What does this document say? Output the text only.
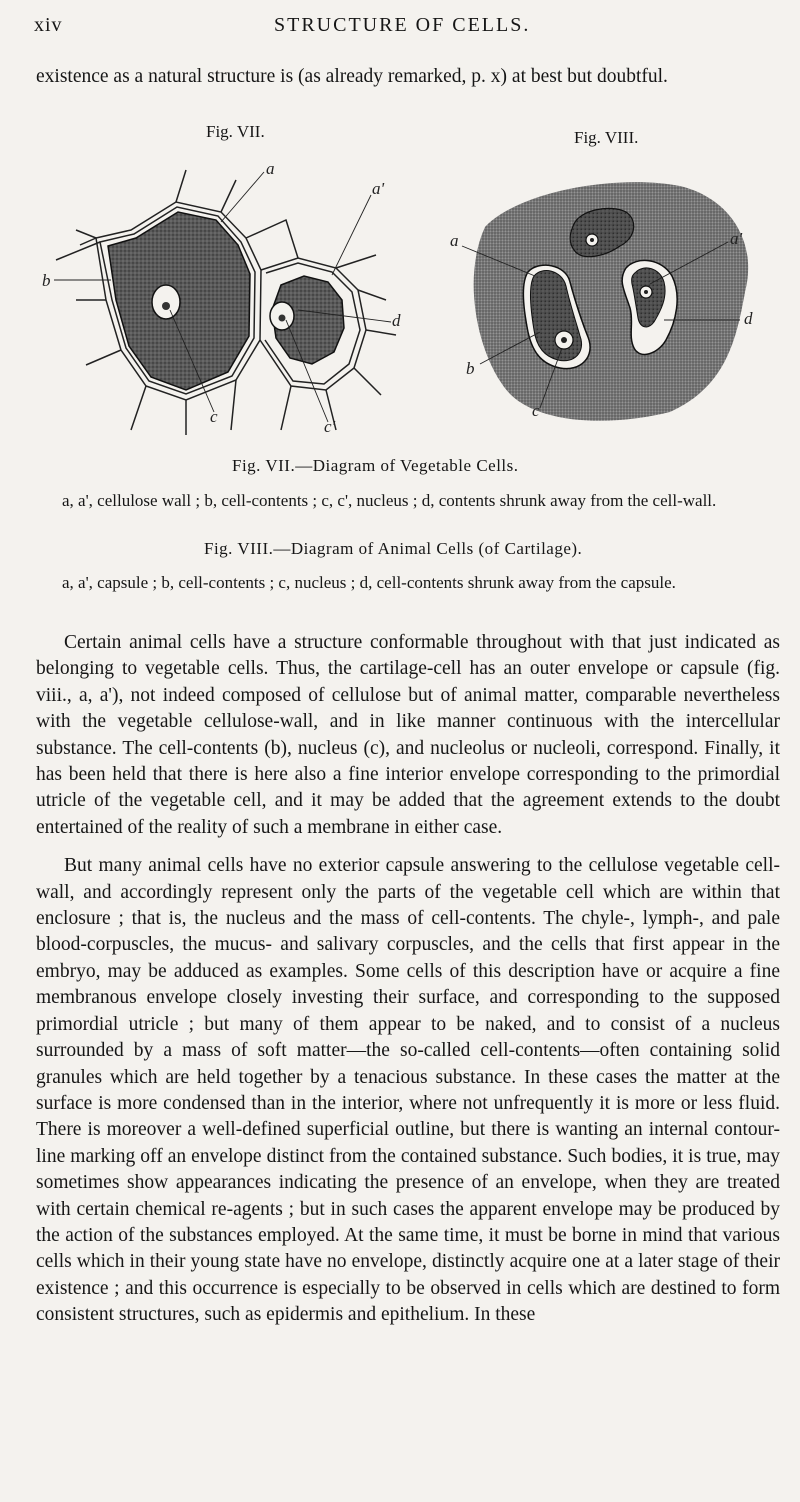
xiv	STRUCTURE OF CELLS.
existence as a natural structure is (as already remarked, p. x) at best but doubtful.
Fig. VII.	Fig. VIII.
a
a'
b
c
c'
d
a	a'
b
c
d
Fig. VII.—Diagram of Vegetable Cells.
a, a', cellulose wall ; b, cell-contents ; c, c', nucleus ; d, contents shrunk away from the cell-wall.
Fig. VIII.—Diagram of Animal Cells (of Cartilage).
a, a', capsule ; b, cell-contents ; c, nucleus ; d, cell-contents shrunk away from the capsule.

Certain animal cells have a structure conformable throughout with that just indicated as belonging to vegetable cells. Thus, the cartilage-cell has an outer envelope or capsule (fig. viii., a, a'), not indeed composed of cellulose but of animal matter, comparable nevertheless with the vegetable cellulose-wall, and in like manner continuous with the intercellular substance. The cell-contents (b), nucleus (c), and nucleolus or nucleoli, correspond. Finally, it has been held that there is here also a fine interior envelope corresponding to the primordial utricle of the vegetable cell, and it may be added that the agreement extends to the doubt entertained of the reality of such a membrane in either case.

But many animal cells have no exterior capsule answering to the cellulose vegetable cell-wall, and accordingly represent only the parts of the vegetable cell which are within that enclosure ; that is, the nucleus and the mass of cell-contents. The chyle-, lymph-, and pale blood-corpuscles, the mucus- and salivary corpuscles, and the cells that first appear in the embryo, may be adduced as examples. Some cells of this description have or acquire a fine membranous envelope closely investing their surface, and corresponding to the supposed primordial utricle ; but many of them appear to be naked, and to consist of a nucleus surrounded by a mass of soft matter—the so-called cell-contents—often containing solid granules which are held together by a tenacious substance. In these cases the matter at the surface is more condensed than in the interior, where not unfrequently it is more or less fluid. There is moreover a well-defined superficial outline, but there is wanting an internal contour-line marking off an envelope distinct from the contained substance. Such bodies, it is true, may sometimes show appearances indicating the presence of an envelope, when they are treated with certain chemical re-agents ; but in such cases the apparent envelope may be produced by the action of the substances employed. At the same time, it must be borne in mind that various cells which in their young state have no envelope, distinctly acquire one at a later stage of their existence ; and this occurrence is especially to be observed in cells which are destined to form consistent structures, such as epidermis and epithelium. In these
